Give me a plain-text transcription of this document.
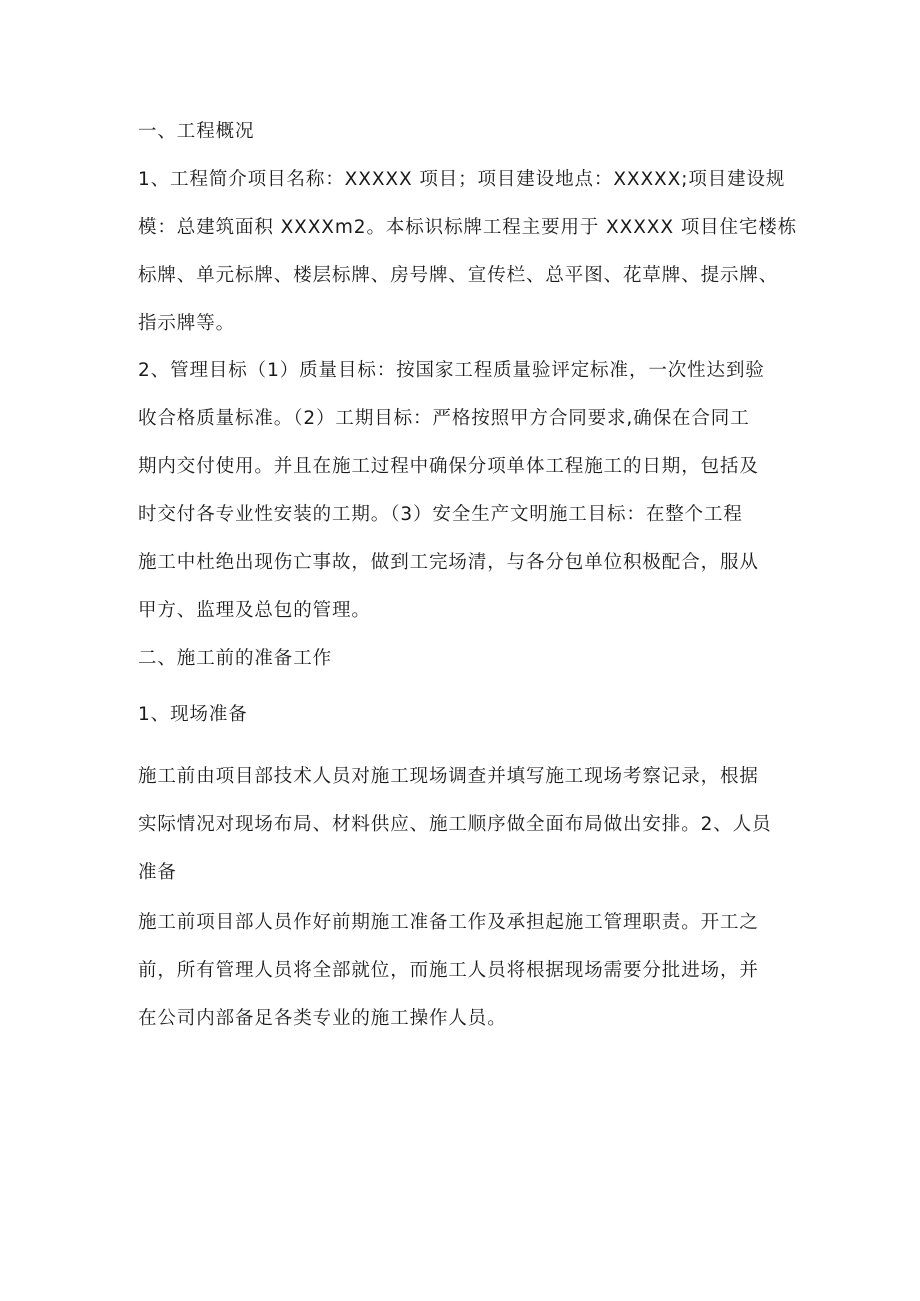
一、工程概况

1、工程简介项目名称：XXXXX 项目；项目建设地点：XXXXX;项目建设规

模：总建筑面积 XXXXm2。本标识标牌工程主要用于 XXXXX 项目住宅楼栋

标牌、单元标牌、楼层标牌、房号牌、宣传栏、总平图、花草牌、提示牌、

指示牌等。

2、管理目标（1）质量目标：按国家工程质量验评定标准，一次性达到验

收合格质量标准。（2）工期目标：严格按照甲方合同要求,确保在合同工

期内交付使用。并且在施工过程中确保分项单体工程施工的日期，包括及

时交付各专业性安装的工期。（3）安全生产文明施工目标：在整个工程

施工中杜绝出现伤亡事故，做到工完场清，与各分包单位积极配合，服从

甲方、监理及总包的管理。

二、施工前的准备工作

1、现场准备

施工前由项目部技术人员对施工现场调查并填写施工现场考察记录，根据

实际情况对现场布局、材料供应、施工顺序做全面布局做出安排。2、人员

准备

施工前项目部人员作好前期施工准备工作及承担起施工管理职责。开工之

前，所有管理人员将全部就位，而施工人员将根据现场需要分批进场，并

在公司内部备足各类专业的施工操作人员。
